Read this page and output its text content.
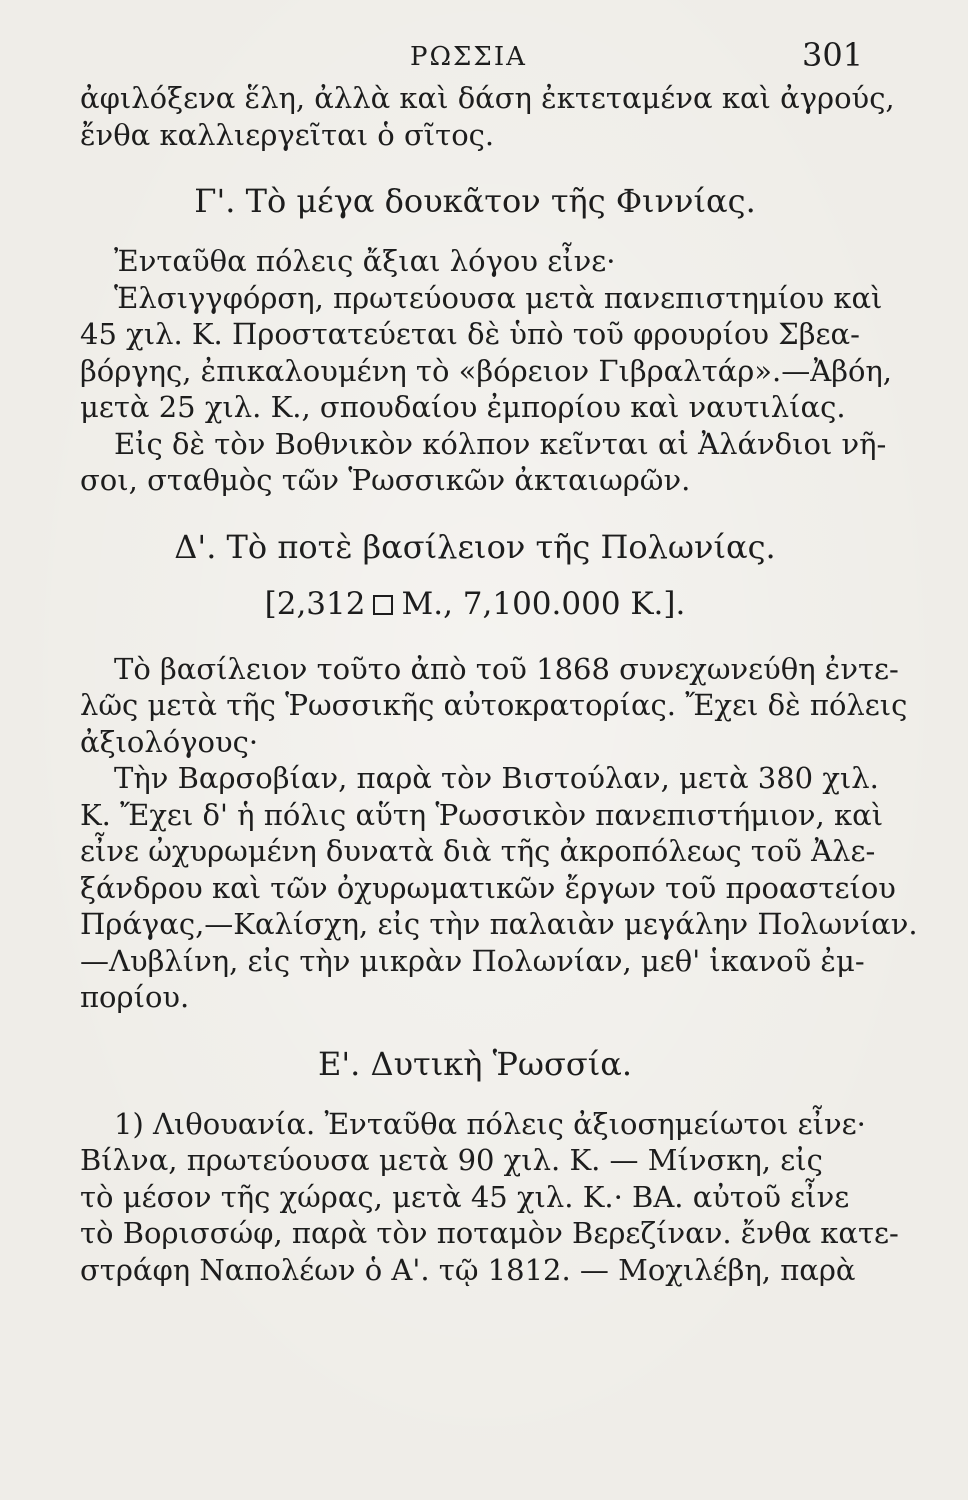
ΡΩΣΣΙΑ	301
ἀφιλόξενα ἕλη, ἀλλὰ καὶ δάση ἐκτεταμένα καὶ ἀγρούς,
ἔνθα καλλιεργεῖται ὁ σῖτος.
Γ'. Τὸ μέγα δουκᾶτον τῆς Φιννίας.
Ἐνταῦθα πόλεις ἄξιαι λόγου εἶνε·
Ἑλσιγγφόρση, πρωτεύουσα μετὰ πανεπιστημίου καὶ
45 χιλ. Κ. Προστατεύεται δὲ ὑπὸ τοῦ φρουρίου Σβεα-
βόργης, ἐπικαλουμένη τὸ «βόρειον Γιβραλτάρ».—Ἀβόη,
μετὰ 25 χιλ. Κ., σπουδαίου ἐμπορίου καὶ ναυτιλίας.
Εἰς δὲ τὸν Βοθνικὸν κόλπον κεῖνται αἱ Ἀλάνδιοι νῆ-
σοι, σταθμὸς τῶν Ῥωσσικῶν ἀκταιωρῶν.
Δ'. Τὸ ποτὲ βασίλειον τῆς Πολωνίας.
[2,312 Μ., 7,100.000 Κ.].
Τὸ βασίλειον τοῦτο ἀπὸ τοῦ 1868 συνεχωνεύθη ἐντε-
λῶς μετὰ τῆς Ῥωσσικῆς αὐτοκρατορίας. Ἔχει δὲ πόλεις
ἀξιολόγους·
Τὴν Βαρσοβίαν, παρὰ τὸν Βιστούλαν, μετὰ 380 χιλ.
Κ. Ἔχει δ' ἡ πόλις αὕτη Ῥωσσικὸν πανεπιστήμιον, καὶ
εἶνε ὠχυρωμένη δυνατὰ διὰ τῆς ἀκροπόλεως τοῦ Ἀλε-
ξάνδρου καὶ τῶν ὀχυρωματικῶν ἔργων τοῦ προαστείου
Πράγας,—Καλίσχη, εἰς τὴν παλαιὰν μεγάλην Πολωνίαν.
—Λυβλίνη, εἰς τὴν μικρὰν Πολωνίαν, μεθ' ἱκανοῦ ἐμ-
πορίου.
Ε'. Δυτικὴ Ῥωσσία.
1) Λιθουανία. Ἐνταῦθα πόλεις ἀξιοσημείωτοι εἶνε·
Βίλνα, πρωτεύουσα μετὰ 90 χιλ. Κ. — Μίνσκη, εἰς
τὸ μέσον τῆς χώρας, μετὰ 45 χιλ. Κ.· ΒΑ. αὐτοῦ εἶνε
τὸ Βορισσώφ, παρὰ τὸν ποταμὸν Βερεζίναν. ἔνθα κατε-
στράφη Ναπολέων ὁ Α'. τῷ 1812. — Μοχιλέβη, παρὰ
